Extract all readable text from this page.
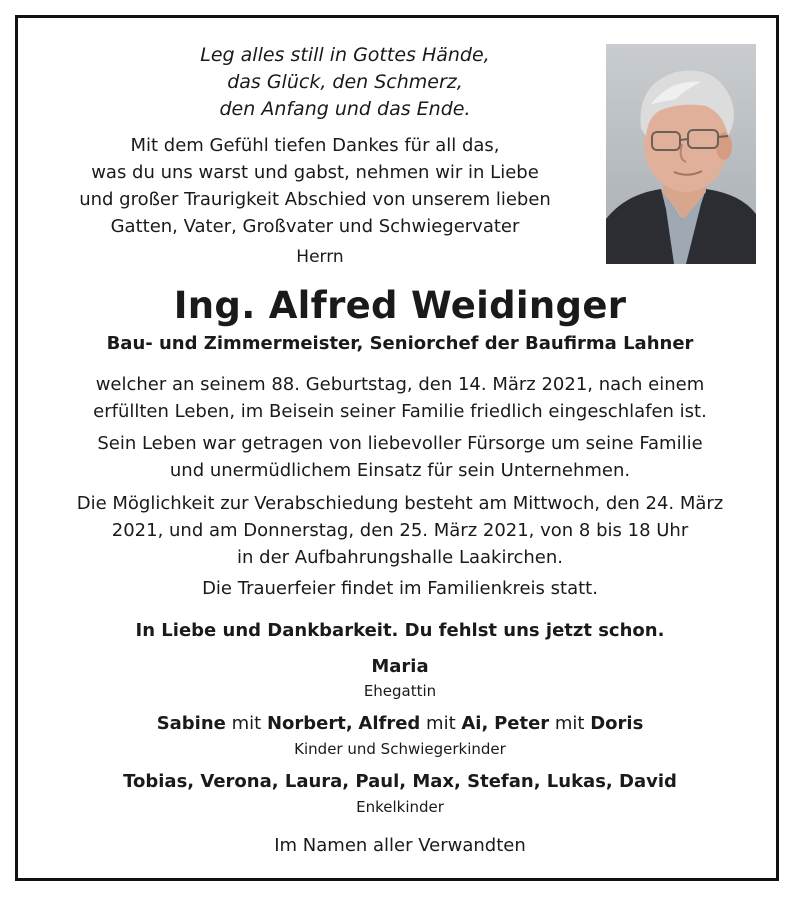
Leg alles still in Gottes Hände,
das Glück, den Schmerz,
den Anfang und das Ende.
Mit dem Gefühl tiefen Dankes für all das,
was du uns warst und gabst, nehmen wir in Liebe
und großer Traurigkeit Abschied von unserem lieben
Gatten, Vater, Großvater und Schwiegervater
Herrn
Ing. Alfred Weidinger
Bau- und Zimmermeister, Seniorchef der Baufirma Lahner
welcher an seinem 88. Geburtstag, den 14. März 2021, nach einem
erfüllten Leben, im Beisein seiner Familie friedlich eingeschlafen ist.
Sein Leben war getragen von liebevoller Fürsorge um seine Familie
und unermüdlichem Einsatz für sein Unternehmen.
Die Möglichkeit zur Verabschiedung besteht am Mittwoch, den 24. März
2021, und am Donnerstag, den 25. März 2021, von 8 bis 18 Uhr
in der Aufbahrungshalle Laakirchen.
Die Trauerfeier findet im Familienkreis statt.
In Liebe und Dankbarkeit. Du fehlst uns jetzt schon.
Maria
Ehegattin
Sabine mit Norbert, Alfred mit Ai, Peter mit Doris
Kinder und Schwiegerkinder
Tobias, Verona, Laura, Paul, Max, Stefan, Lukas, David
Enkelkinder
Im Namen aller Verwandten
